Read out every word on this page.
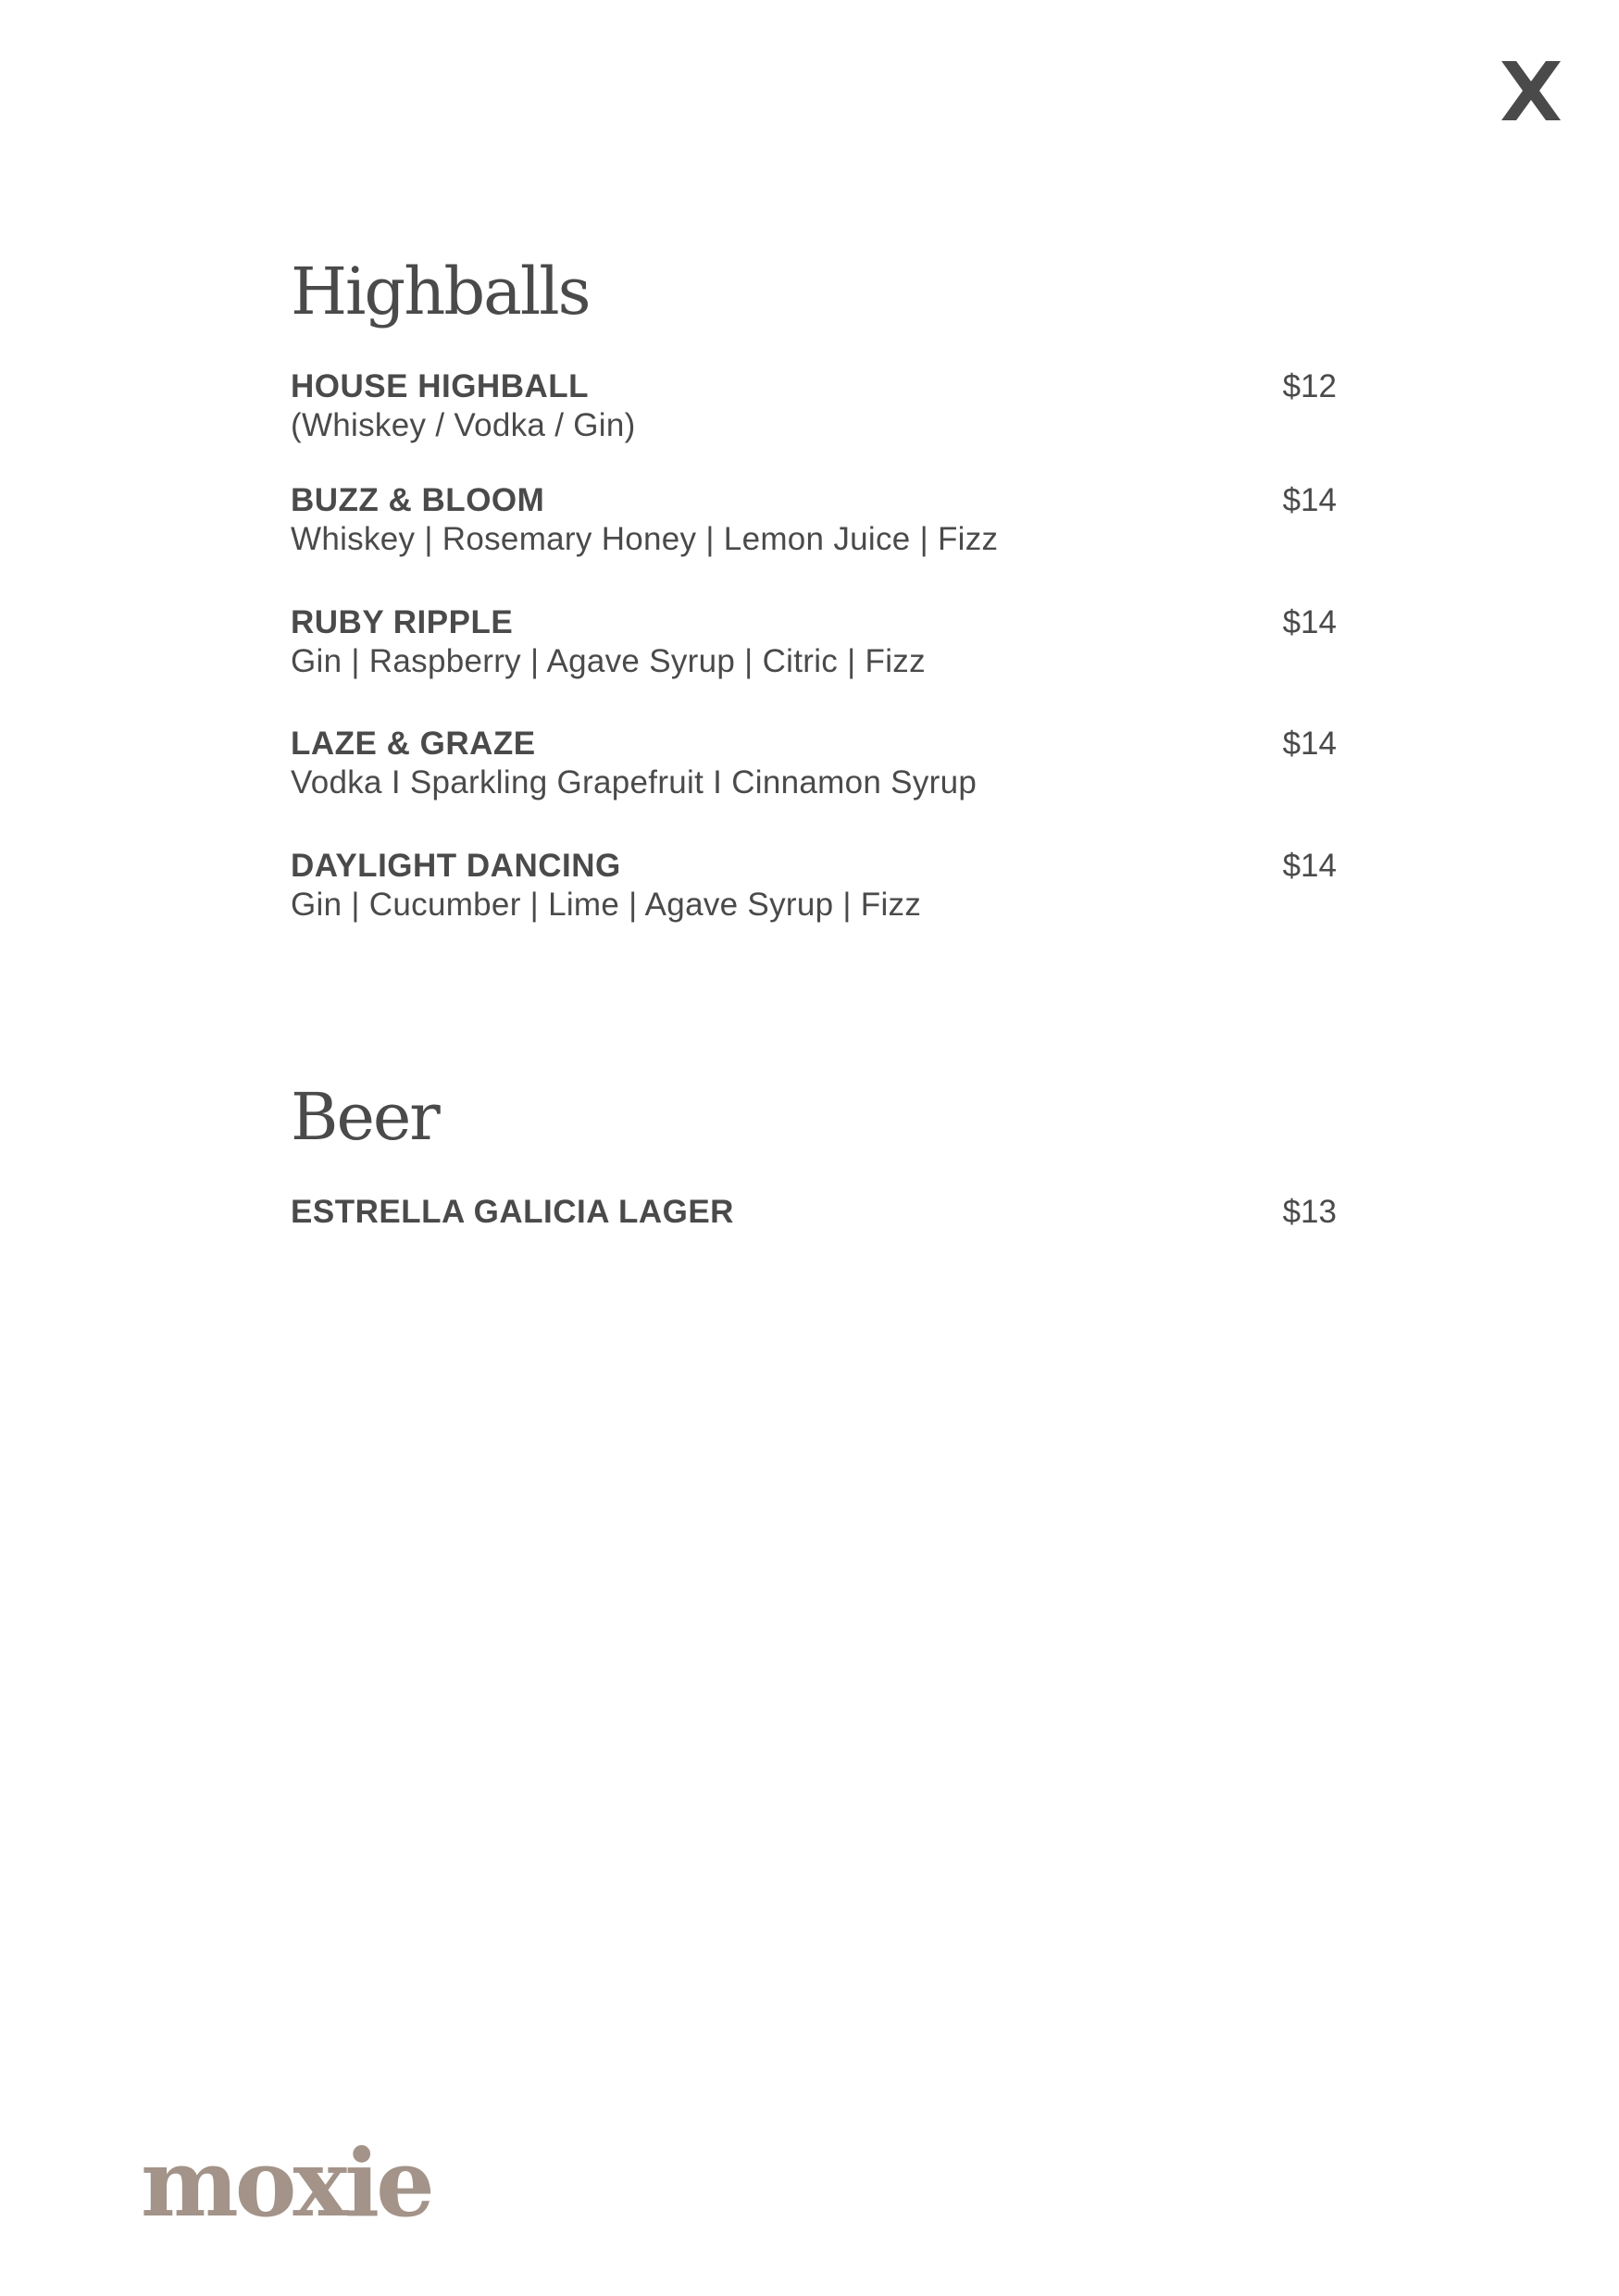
Highballs
HOUSE HIGHBALL
(Whiskey / Vodka / Gin)
$12
BUZZ & BLOOM
Whiskey | Rosemary Honey | Lemon Juice | Fizz
$14
RUBY RIPPLE
Gin | Raspberry | Agave Syrup | Citric | Fizz
$14
LAZE & GRAZE
Vodka I Sparkling Grapefruit I Cinnamon Syrup
$14
DAYLIGHT DANCING
Gin | Cucumber | Lime | Agave Syrup | Fizz
$14
Beer
ESTRELLA GALICIA LAGER	$13
moxie
